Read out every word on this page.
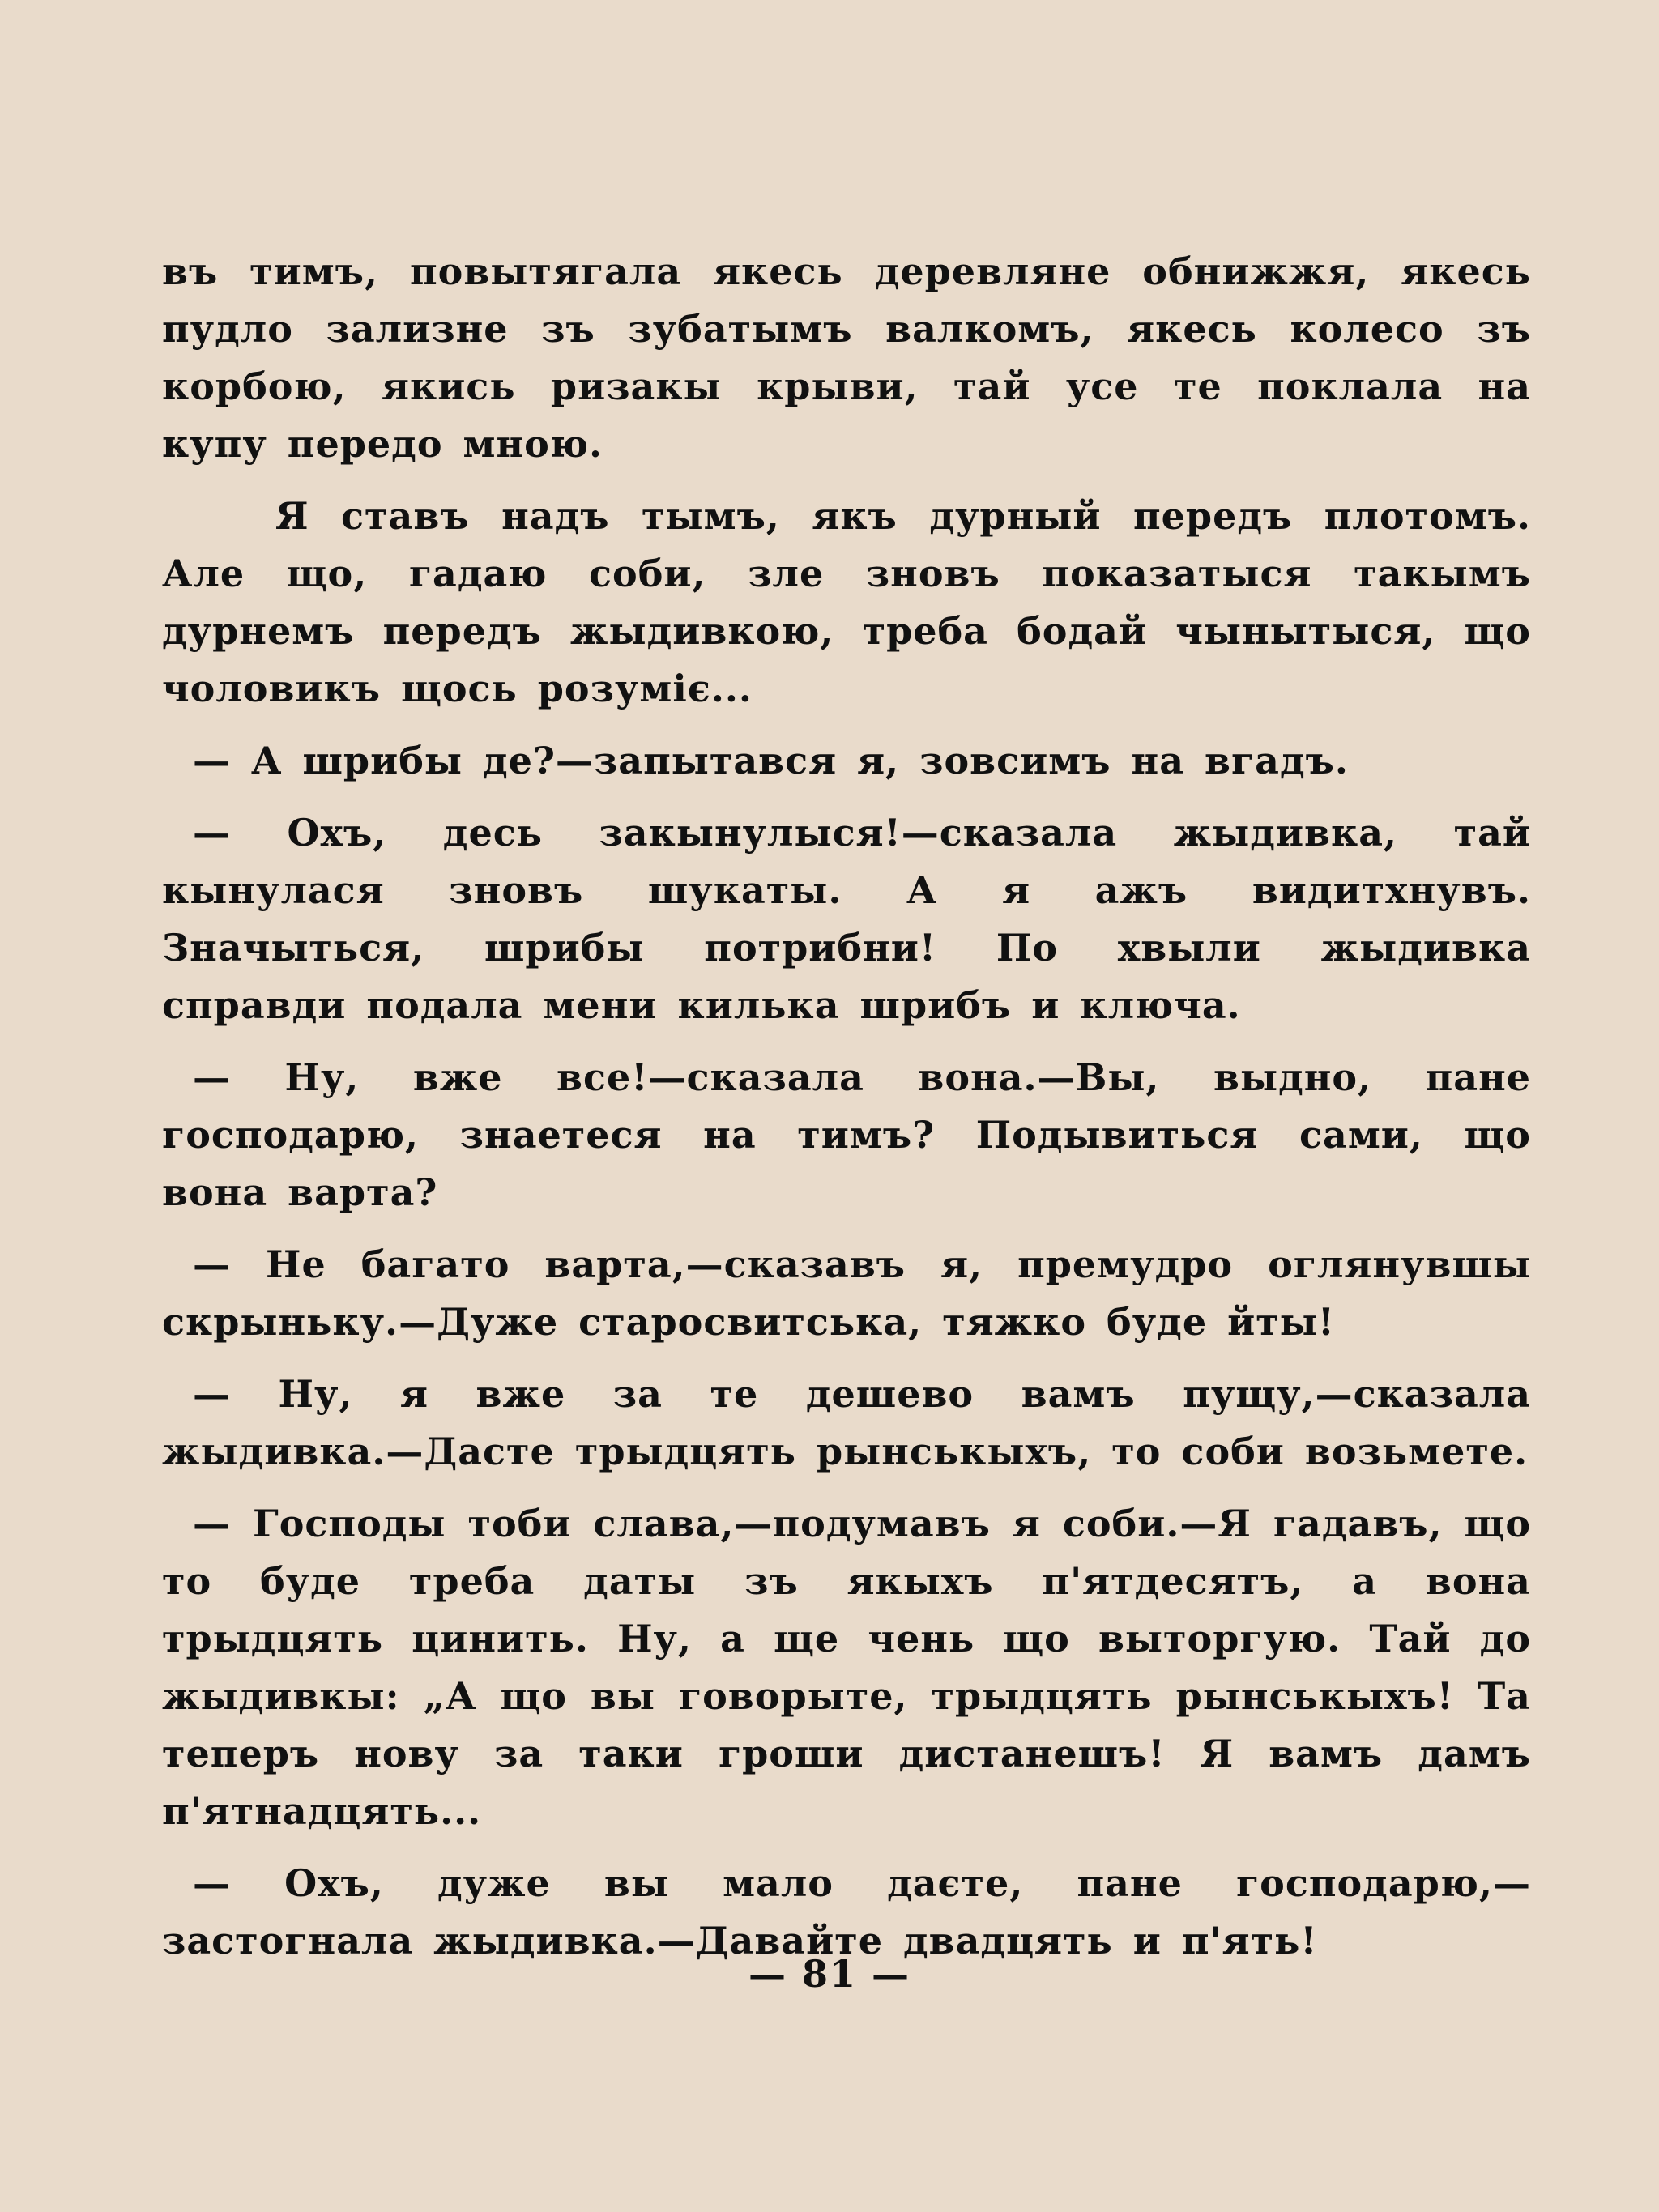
въ тимъ, повытягала якесь деревляне обнижжя, якесь пудло зализне зъ зубатымъ валкомъ, якесь колесо зъ корбою, якись ризакы крыви, тай усе те поклала на купу передо мною.

Я ставъ надъ тымъ, якъ дурный передъ плотомъ. Але що, гадаю соби, зле зновъ показатыся такымъ дурнемъ передъ жыдивкою, треба бодай чынытыся, що чоловикъ щось розуміє...

— А шрибы де?—запытався я, зовсимъ на вгадъ.

— Охъ, десь закынулыся!—сказала жыдивка, тай кынулася зновъ шукаты. А я ажъ видитхнувъ. Значыться, шрибы потрибни! По хвыли жыдивка справди подала мени килька шрибъ и ключа.

— Ну, вже все!—сказала вона.—Вы, выдно, пане господарю, знаетеся на тимъ? Подывиться сами, що вона варта?

— Не багато варта,—сказавъ я, премудро оглянувшы скрыньку.—Дуже старосвитська, тяжко буде йты!

— Ну, я вже за те дешево вамъ пущу,—сказала жыдивка.—Даcте трыдцять рынськыхъ, то соби возьмете.

— Господы тоби слава,—подумавъ я соби.—Я гадавъ, що то буде треба даты зъ якыхъ п'ятдесятъ, а вона трыдцять цинить. Ну, а ще чень що выторгую. Тай до жыдивкы: „А що вы говорыте, трыдцять рынськыхъ! Та теперъ нову за таки гроши дистанешъ! Я вамъ дамъ п'ятнадцять...

— Охъ, дуже вы мало даєте, пане господарю,—застогнала жыдивка.—Давайте двадцять и п'ять!

— 81 —
